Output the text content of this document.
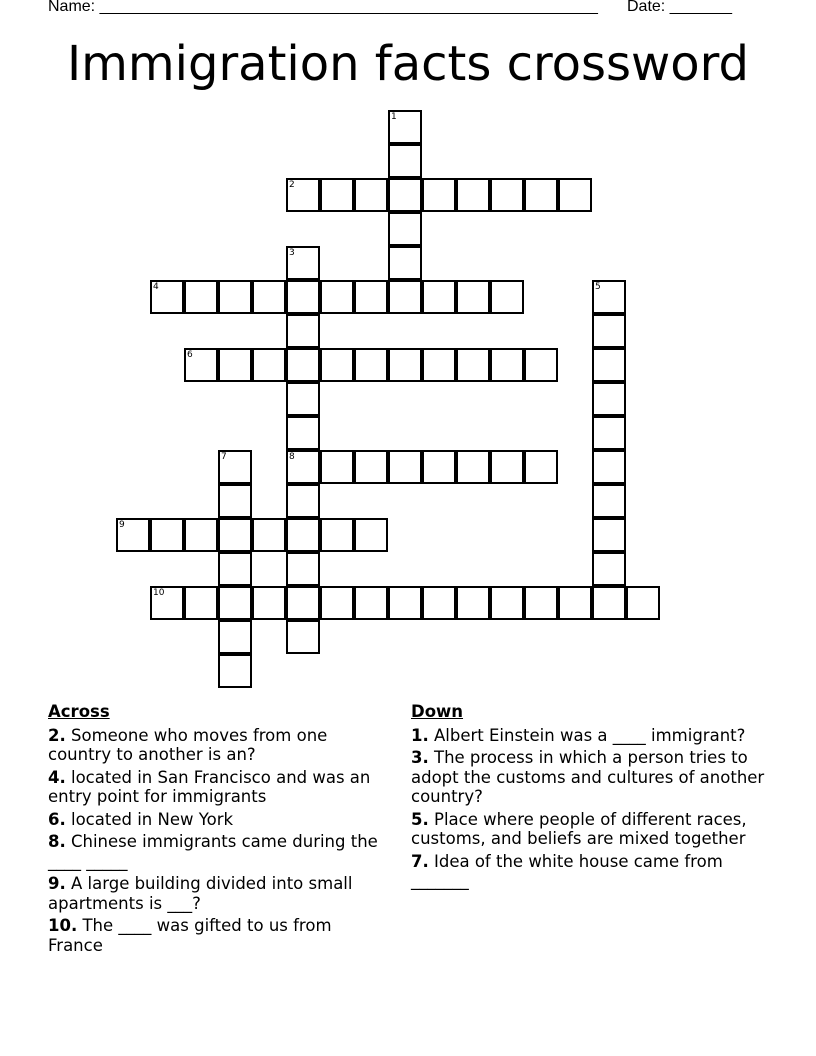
Name: ________________________________________________________ Date: _______
Immigration facts crossword
1
2
3
4	5
6
7	8
9
10
Across
2. Someone who moves from one country to another is an?
4. located in San Francisco and was an entry point for immigrants
6. located in New York
8. Chinese immigrants came during the ____ _____
9. A large building divided into small apartments is ___?
10. The ____ was gifted to us from France
Down
1. Albert Einstein was a ____ immigrant?
3. The process in which a person tries to adopt the customs and cultures of another country?
5. Place where people of different races, customs, and beliefs are mixed together
7. Idea of the white house came from _______
